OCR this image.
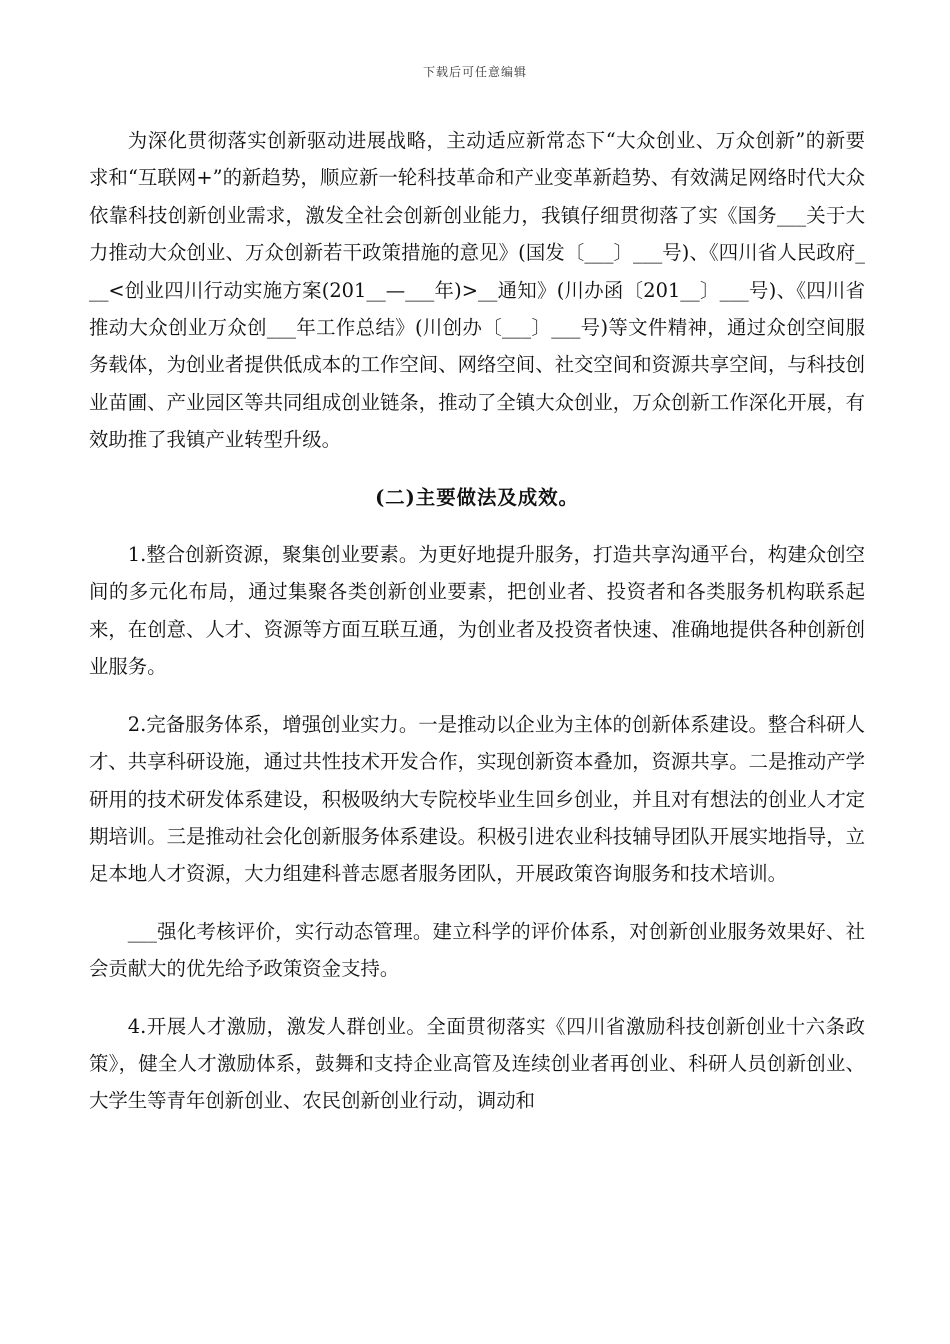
下载后可任意编辑

为深化贯彻落实创新驱动进展战略，主动适应新常态下“大众创业、万众创新”的新要求和“互联网+”的新趋势，顺应新一轮科技革命和产业变革新趋势、有效满足网络时代大众依靠科技创新创业需求，激发全社会创新创业能力，我镇仔细贯彻落了实《国务___关于大力推动大众创业、万众创新若干政策措施的意见》(国发〔___〕___号)、《四川省人民政府___<创业四川行动实施方案(201__—___年)>__通知》(川办函〔201__〕___号)、《四川省推动大众创业万众创___年工作总结》(川创办〔___〕___号)等文件精神，通过众创空间服务载体，为创业者提供低成本的工作空间、网络空间、社交空间和资源共享空间，与科技创业苗圃、产业园区等共同组成创业链条，推动了全镇大众创业，万众创新工作深化开展，有效助推了我镇产业转型升级。

(二)主要做法及成效。

1.整合创新资源，聚集创业要素。为更好地提升服务，打造共享沟通平台，构建众创空间的多元化布局，通过集聚各类创新创业要素，把创业者、投资者和各类服务机构联系起来，在创意、人才、资源等方面互联互通，为创业者及投资者快速、准确地提供各种创新创业服务。

2.完备服务体系，增强创业实力。一是推动以企业为主体的创新体系建设。整合科研人才、共享科研设施，通过共性技术开发合作，实现创新资本叠加，资源共享。二是推动产学研用的技术研发体系建设，积极吸纳大专院校毕业生回乡创业，并且对有想法的创业人才定期培训。三是推动社会化创新服务体系建设。积极引进农业科技辅导团队开展实地指导，立足本地人才资源，大力组建科普志愿者服务团队，开展政策咨询服务和技术培训。

___强化考核评价，实行动态管理。建立科学的评价体系，对创新创业服务效果好、社会贡献大的优先给予政策资金支持。

4.开展人才激励，激发人群创业。全面贯彻落实《四川省激励科技创新创业十六条政策》，健全人才激励体系，鼓舞和支持企业高管及连续创业者再创业、科研人员创新创业、大学生等青年创新创业、农民创新创业行动，调动和
